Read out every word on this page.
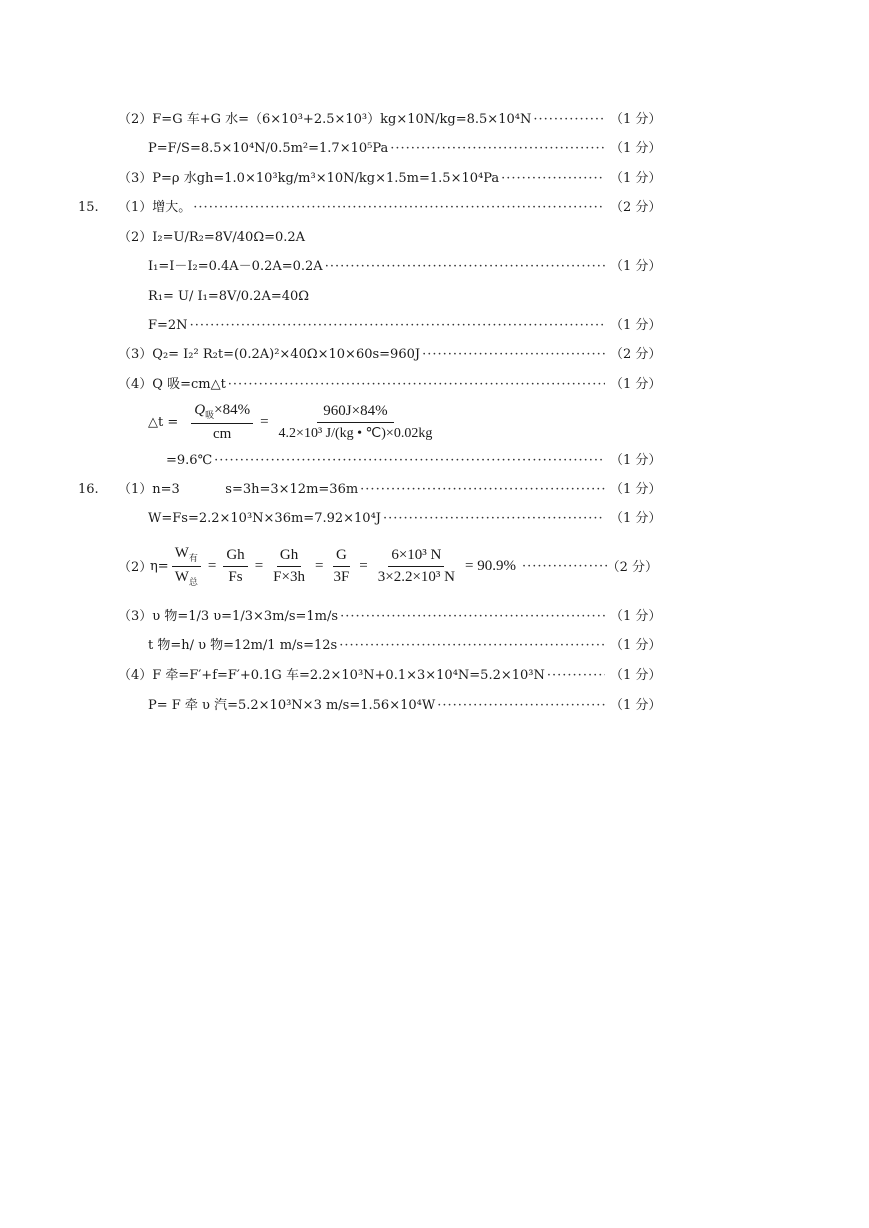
（2） F=G 车+G 水=（6×10³+2.5×10³）kg×10N/kg=8.5×10⁴N ·····	（1 分）
P=F/S=8.5×10⁴N/0.5m²=1.7×10⁵Pa ·····	（1 分）
（3） P=ρ 水gh=1.0×10³kg/m³×10N/kg×1.5m=1.5×10⁴Pa ·····	（1 分）
15. （1） 增大。 ·····	（2 分）
（2） I₂=U/R₂=8V/40Ω=0.2A
I₁=I－I₂=0.4A－0.2A=0.2A ·····	（1 分）
R₁= U/ I₁=8V/0.2A=40Ω
F=2N ·····	（1 分）
（3） Q₂= I₂² R₂t=(0.2A)²×40Ω×10×60s=960J ·····	（2 分）
（4） Q 吸=cm△t ·····	（1 分）
=9.6℃ ·····	（1 分）
16. （1） n=3           s=3h=3×12m=36m ·····	（1 分）
W=Fs=2.2×10³N×36m=7.92×10⁴J ·····	（1 分）
（3） υ 物=1/3 υ=1/3×3m/s=1m/s ·····	（1 分）
t 物=h/ υ 物=12m/1 m/s=12s ·····	（1 分）
（4） F 牵=F′+f=F′+0.1G 车=2.2×10³N+0.1×3×10⁴N=5.2×10³N ·····	（1 分）
P= F 牵 υ 汽=5.2×10³N×3 m/s=1.56×10⁴W ·····	（1 分）
△t = $\frac{Q_吸\times 84\%}{cm} = \frac{960J\times 84\%}{\text{4.2×10³ J/(kg • ℃)×0.02kg}}$
（2）
$\eta= \frac{W_有}{W_总} = \frac{Gh}{Fs} = \frac{Gh}{F\times 3h} = \frac{G}{3F} = \frac{\text{6×10³ N}}{\text{3×2.2×10³ N}} = 90.9\%$ ·····	（2 分）
